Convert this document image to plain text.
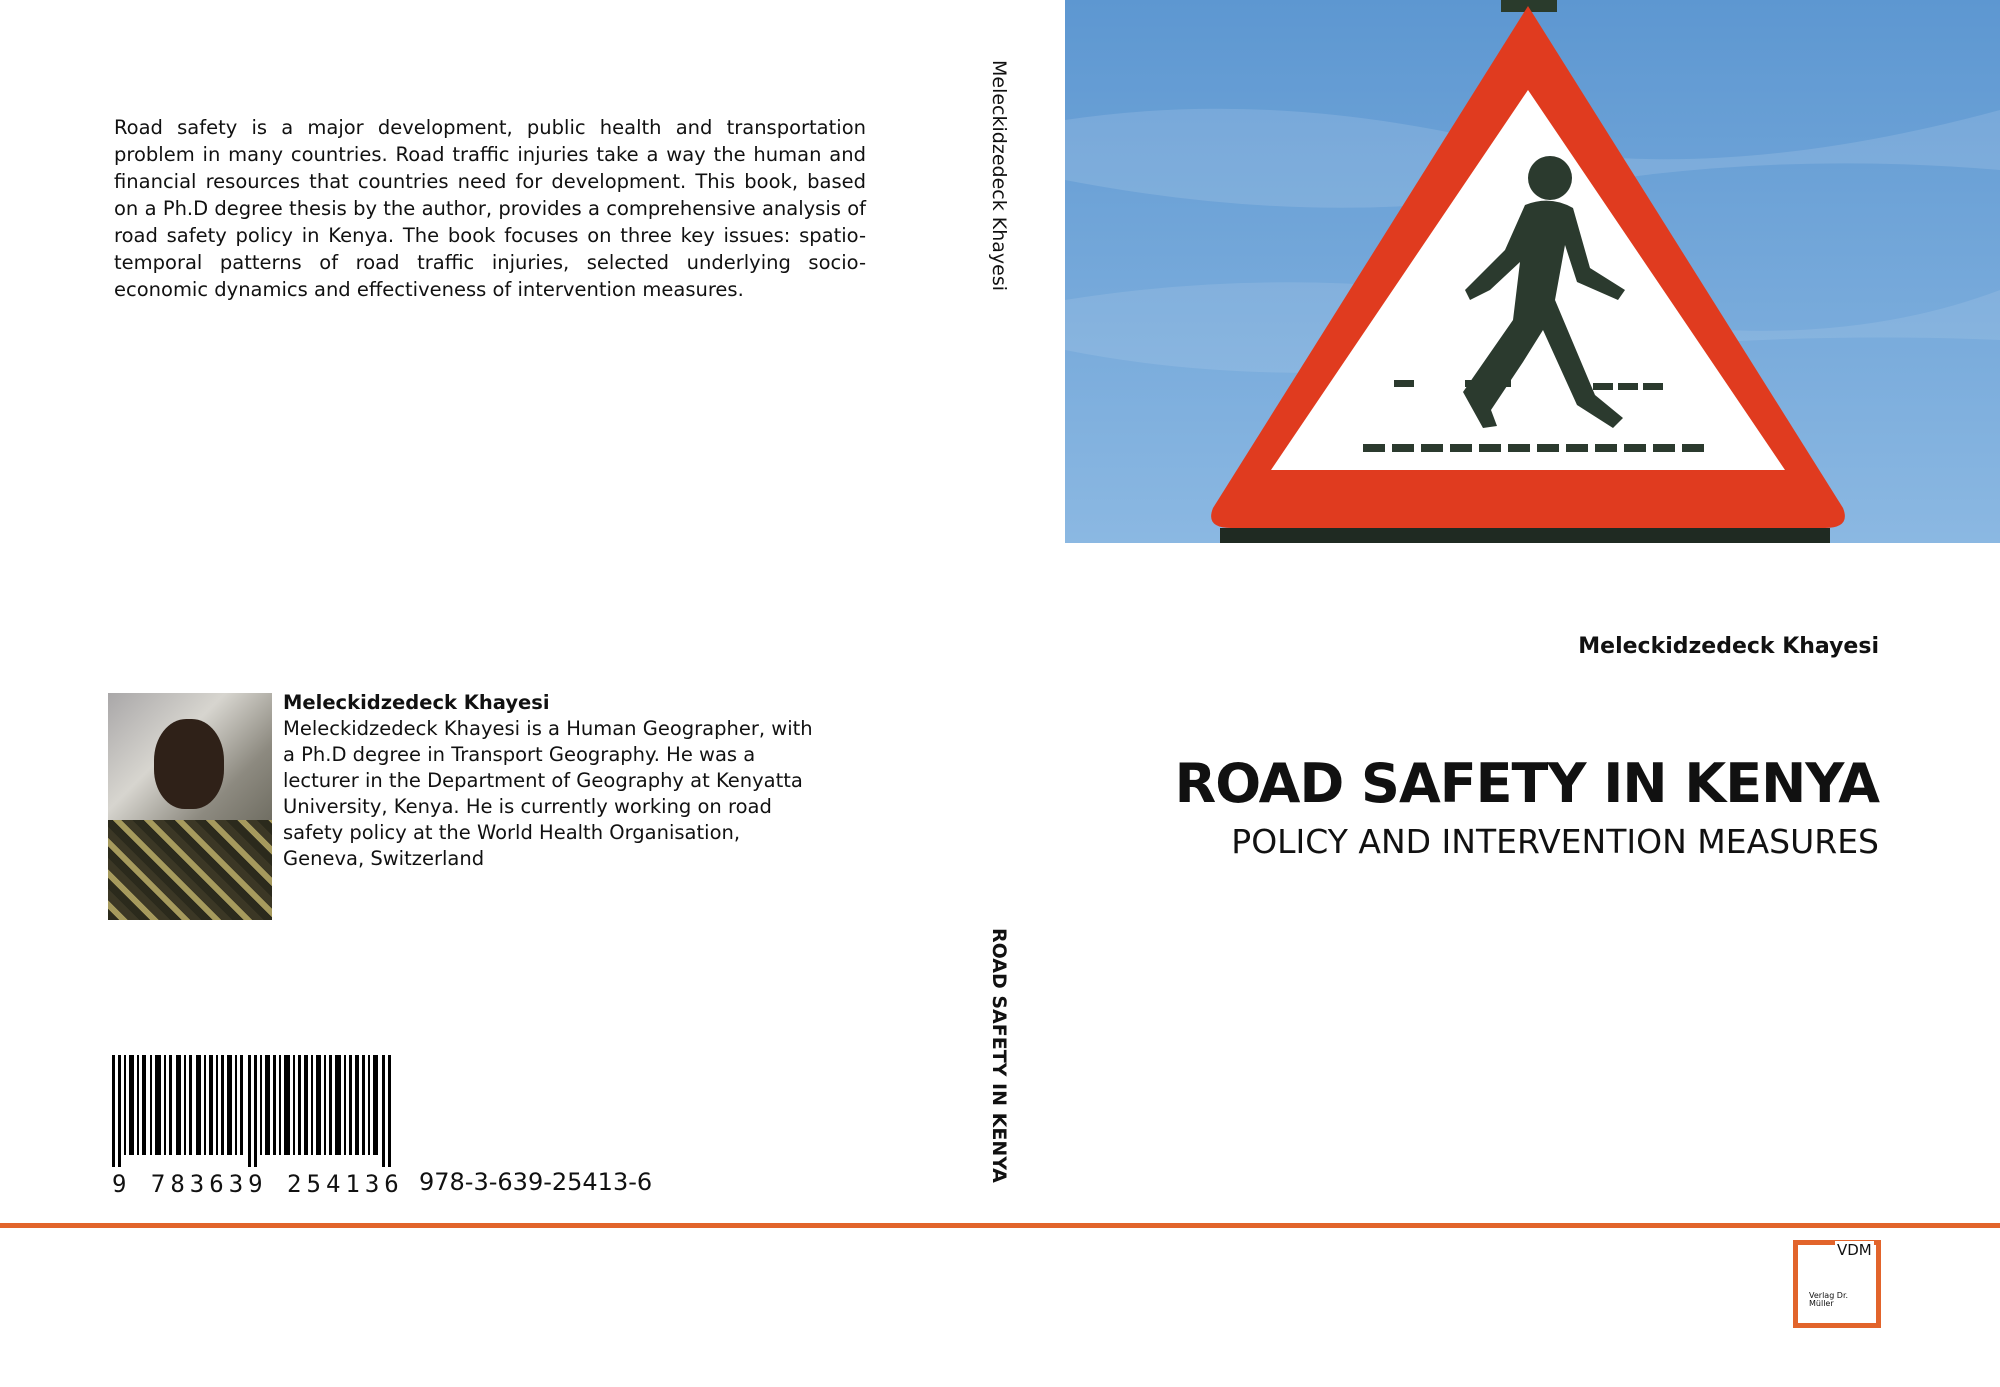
Road safety is a major development, public health and transportation problem in many countries. Road traffic injuries take a way the human and financial resources that countries need for development. This book, based on a Ph.D degree thesis by the author, provides a comprehensive analysis of road safety policy in Kenya. The book focuses on three key issues: spatio-temporal patterns of road traffic injuries, selected underlying socio-economic dynamics and effectiveness of intervention measures.

Meleckidzedeck Khayesi
Meleckidzedeck Khayesi is a Human Geographer, with a Ph.D degree in Transport Geography. He was a lecturer in the Department of Geography at Kenyatta University, Kenya. He is currently working on road safety policy at the World Health Organisation, Geneva, Switzerland
9 783639 254136 978-3-639-25413-6
Meleckidzedeck Khayesi
ROAD SAFETY IN KENYA
Meleckidzedeck Khayesi
ROAD SAFETY IN KENYA
POLICY AND INTERVENTION MEASURES
VDM
Verlag Dr. Müller
